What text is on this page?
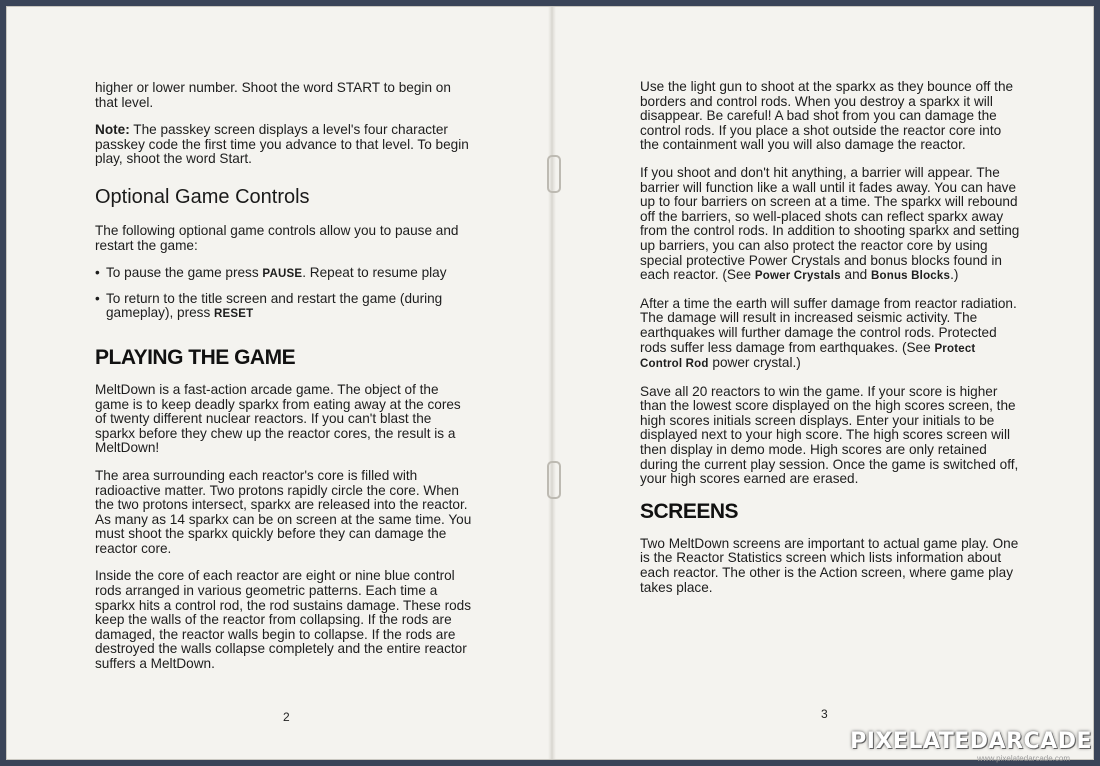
higher or lower number. Shoot the word START to begin on that level.

Note: The passkey screen displays a level's four character passkey code the first time you advance to that level. To begin play, shoot the word Start.

Optional Game Controls

The following optional game controls allow you to pause and restart the game:

• To pause the game press PAUSE. Repeat to resume play
• To return to the title screen and restart the game (during gameplay), press RESET
PLAYING THE GAME

MeltDown is a fast-action arcade game. The object of the game is to keep deadly sparkx from eating away at the cores of twenty different nuclear reactors. If you can't blast the sparkx before they chew up the reactor cores, the result is a MeltDown!

The area surrounding each reactor's core is filled with radioactive matter. Two protons rapidly circle the core. When the two protons intersect, sparkx are released into the reactor. As many as 14 sparkx can be on screen at the same time. You must shoot the sparkx quickly before they can damage the reactor core.

Inside the core of each reactor are eight or nine blue control rods arranged in various geometric patterns. Each time a sparkx hits a control rod, the rod sustains damage. These rods keep the walls of the reactor from collapsing. If the rods are damaged, the reactor walls begin to collapse. If the rods are destroyed the walls collapse completely and the entire reactor suffers a MeltDown.

2

Use the light gun to shoot at the sparkx as they bounce off the borders and control rods. When you destroy a sparkx it will disappear. Be careful! A bad shot from you can damage the control rods. If you place a shot outside the reactor core into the containment wall you will also damage the reactor.

If you shoot and don't hit anything, a barrier will appear. The barrier will function like a wall until it fades away. You can have up to four barriers on screen at a time. The sparkx will rebound off the barriers, so well-placed shots can reflect sparkx away from the control rods. In addition to shooting sparkx and setting up barriers, you can also protect the reactor core by using special protective Power Crystals and bonus blocks found in each reactor. (See Power Crystals and Bonus Blocks.)

After a time the earth will suffer damage from reactor radiation. The damage will result in increased seismic activity. The earthquakes will further damage the control rods. Protected rods suffer less damage from earthquakes. (See Protect Control Rod power crystal.)

Save all 20 reactors to win the game. If your score is higher than the lowest score displayed on the high scores screen, the high scores initials screen displays. Enter your initials to be displayed next to your high score. The high scores screen will then display in demo mode. High scores are only retained during the current play session. Once the game is switched off, your high scores earned are erased.

SCREENS

Two MeltDown screens are important to actual game play. One is the Reactor Statistics screen which lists information about each reactor. The other is the Action screen, where game play takes place.

3
PIXELATEDARCADE
www.pixelatedarcade.com
